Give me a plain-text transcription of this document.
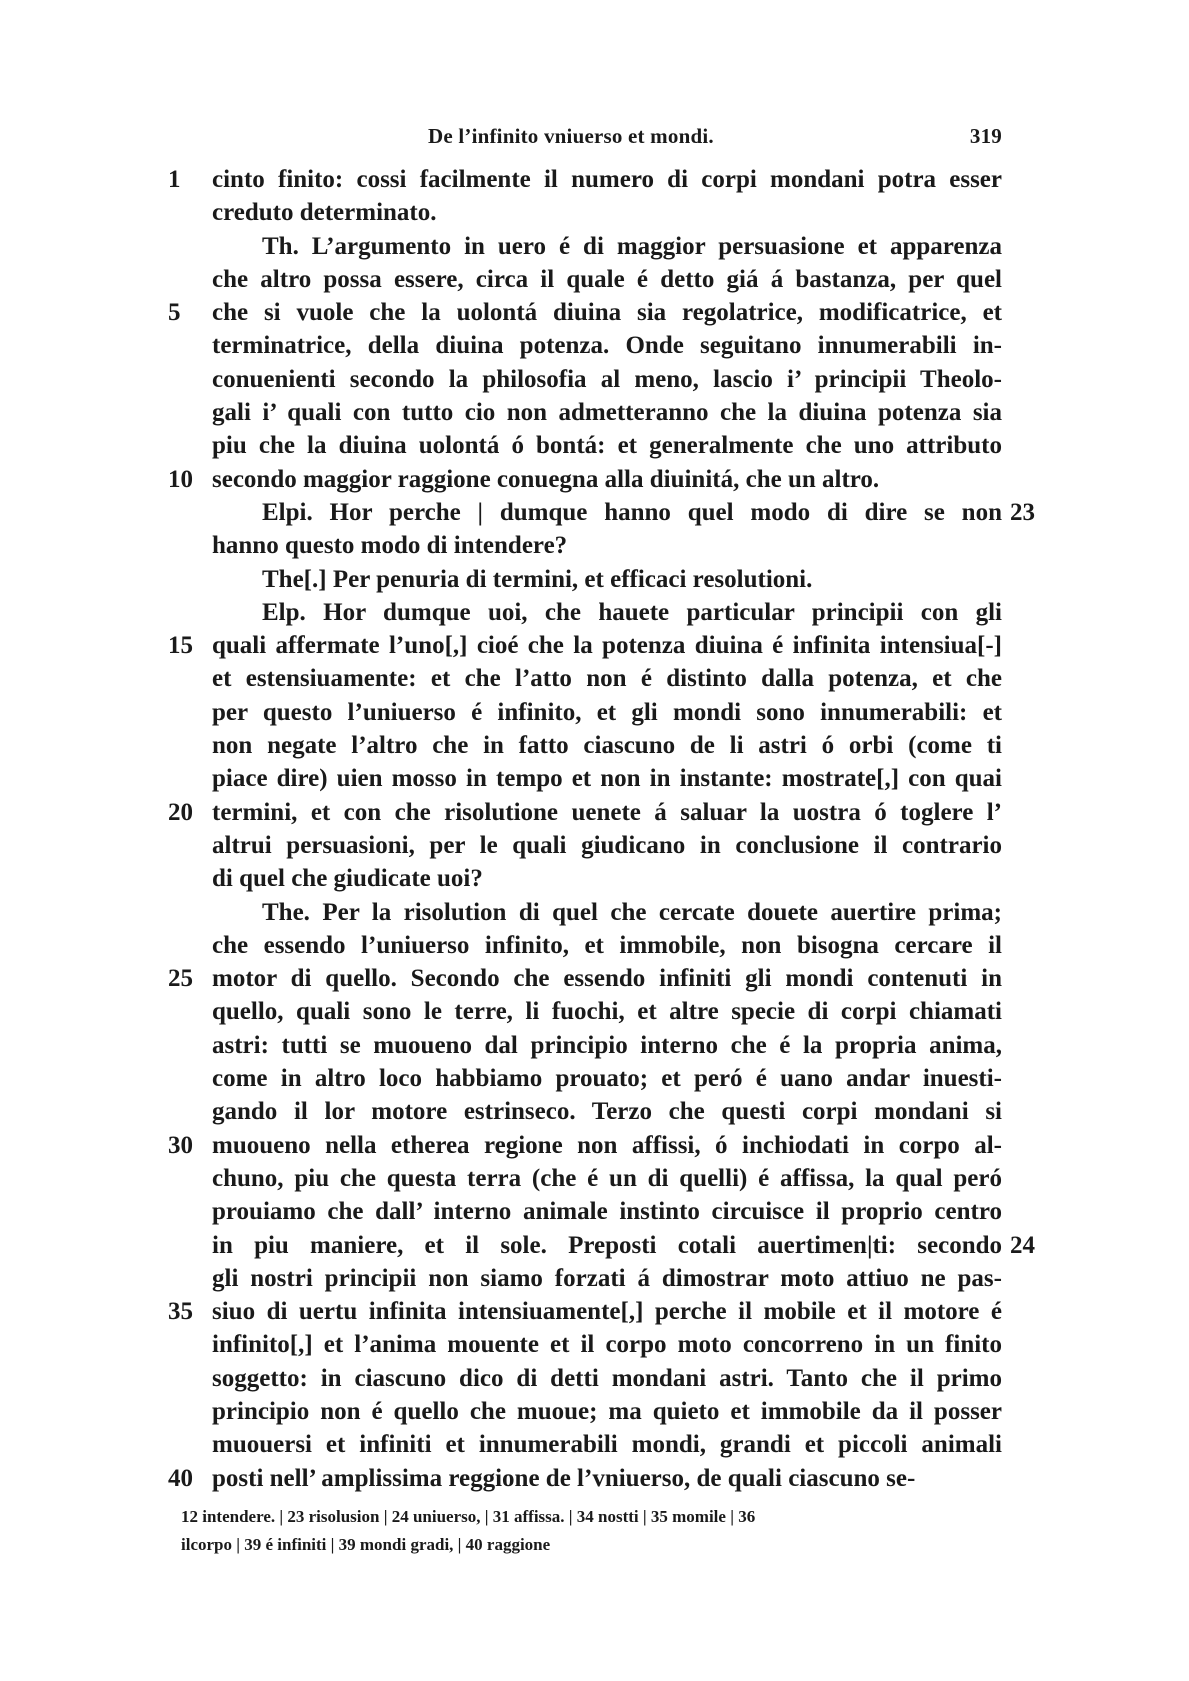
De l’infinito vniuerso et mondi.	319
1	cinto finito: cossi facilmente il numero di corpi mondani potra esser
creduto determinato.
Th. L’argumento in uero é di maggior persuasione et apparenza
che altro possa essere, circa il quale é detto giá á bastanza, per quel
5	che si vuole che la uolontá diuina sia regolatrice, modificatrice, et
terminatrice, della diuina potenza. Onde seguitano innumerabili in-
conuenienti secondo la philosofia al meno, lascio i’ principii Theolo-
gali i’ quali con tutto cio non admetteranno che la diuina potenza sia
piu che la diuina uolontá ó bontá: et generalmente che uno attributo
10 secondo maggior raggione conuegna alla diuinitá, che un altro.
Elpi. Hor perche | dumque hanno quel modo di dire se non 23
hanno questo modo di intendere?
The[.] Per penuria di termini, et efficaci resolutioni.
Elp. Hor dumque uoi, che hauete particular principii con gli
15 quali affermate l’uno[,] cioé che la potenza diuina é infinita intensiua[-]
et estensiuamente: et che l’atto non é distinto dalla potenza, et che
per questo l’uniuerso é infinito, et gli mondi sono innumerabili: et
non negate l’altro che in fatto ciascuno de li astri ó orbi (come ti
piace dire) uien mosso in tempo et non in instante: mostrate[,] con quai
20 termini, et con che risolutione uenete á saluar la uostra ó toglere l’
altrui persuasioni, per le quali giudicano in conclusione il contrario
di quel che giudicate uoi?
The. Per la risolution di quel che cercate douete auertire prima;
che essendo l’uniuerso infinito, et immobile, non bisogna cercare il
25 motor di quello. Secondo che essendo infiniti gli mondi contenuti in
quello, quali sono le terre, li fuochi, et altre specie di corpi chiamati
astri: tutti se muoueno dal principio interno che é la propria anima,
come in altro loco habbiamo prouato; et peró é uano andar inuesti-
gando il lor motore estrinseco. Terzo che questi corpi mondani si
30 muoueno nella etherea regione non affissi, ó inchiodati in corpo al-
chuno, piu che questa terra (che é un di quelli) é affissa, la qual peró
prouiamo che dall’ interno animale instinto circuisce il proprio centro
in piu maniere, et il sole. Preposti cotali auertimen|ti: secondo 24
gli nostri principii non siamo forzati á dimostrar moto attiuo ne pas-
35 siuo di uertu infinita intensiuamente[,] perche il mobile et il motore é
infinito[,] et l’anima mouente et il corpo moto concorreno in un finito
soggetto: in ciascuno dico di detti mondani astri. Tanto che il primo
principio non é quello che muoue; ma quieto et immobile da il posser
muouersi et infiniti et innumerabili mondi, grandi et piccoli animali
40 posti nell’ amplissima reggione de l’vniuerso, de quali ciascuno se-
12 intendere. | 23 risolusion | 24 uniuerso, | 31 affissa. | 34 nostti | 35 momile | 36
ilcorpo | 39 é infiniti | 39 mondi gradi, | 40 raggione
